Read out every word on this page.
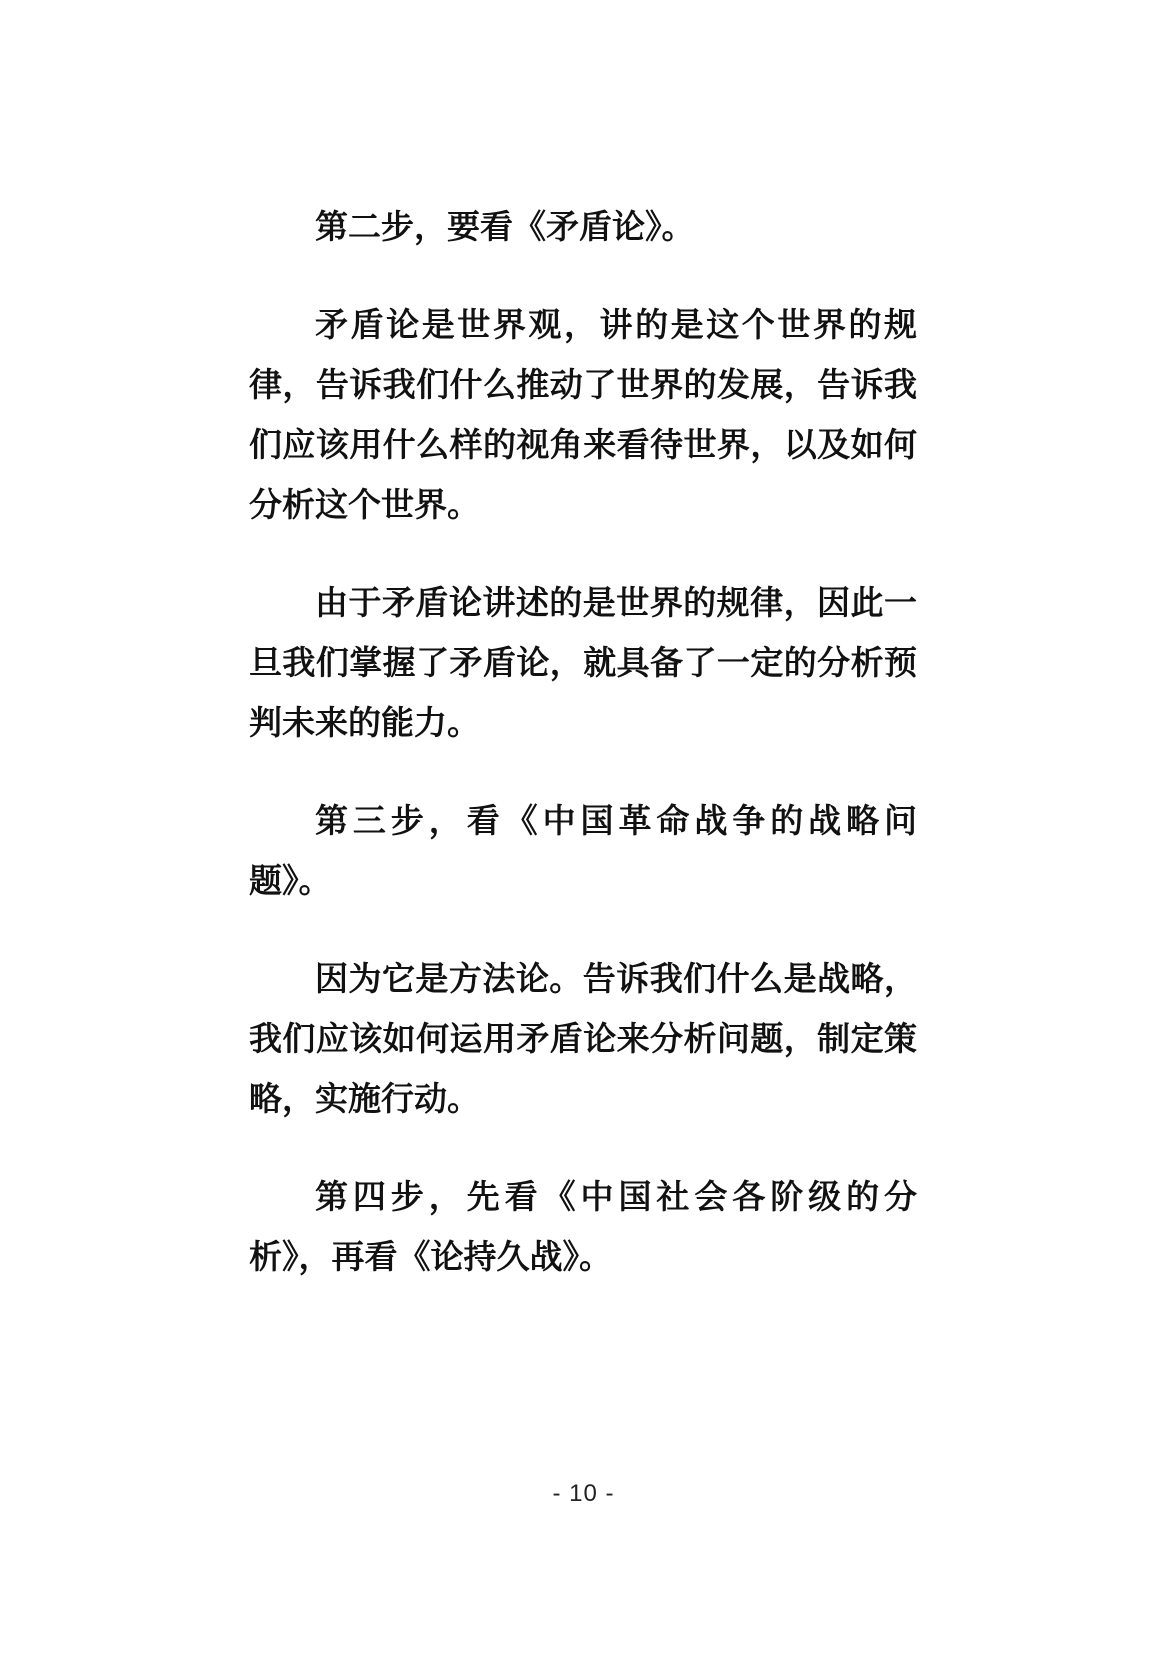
第二步，要看《矛盾论》。

矛盾论是世界观，讲的是这个世界的规律，告诉我们什么推动了世界的发展，告诉我们应该用什么样的视角来看待世界，以及如何分析这个世界。

由于矛盾论讲述的是世界的规律，因此一旦我们掌握了矛盾论，就具备了一定的分析预判未来的能力。

第三步，看《中国革命战争的战略问题》。

因为它是方法论。告诉我们什么是战略，我们应该如何运用矛盾论来分析问题，制定策略，实施行动。

第四步，先看《中国社会各阶级的分析》，再看《论持久战》。

- 10 -
